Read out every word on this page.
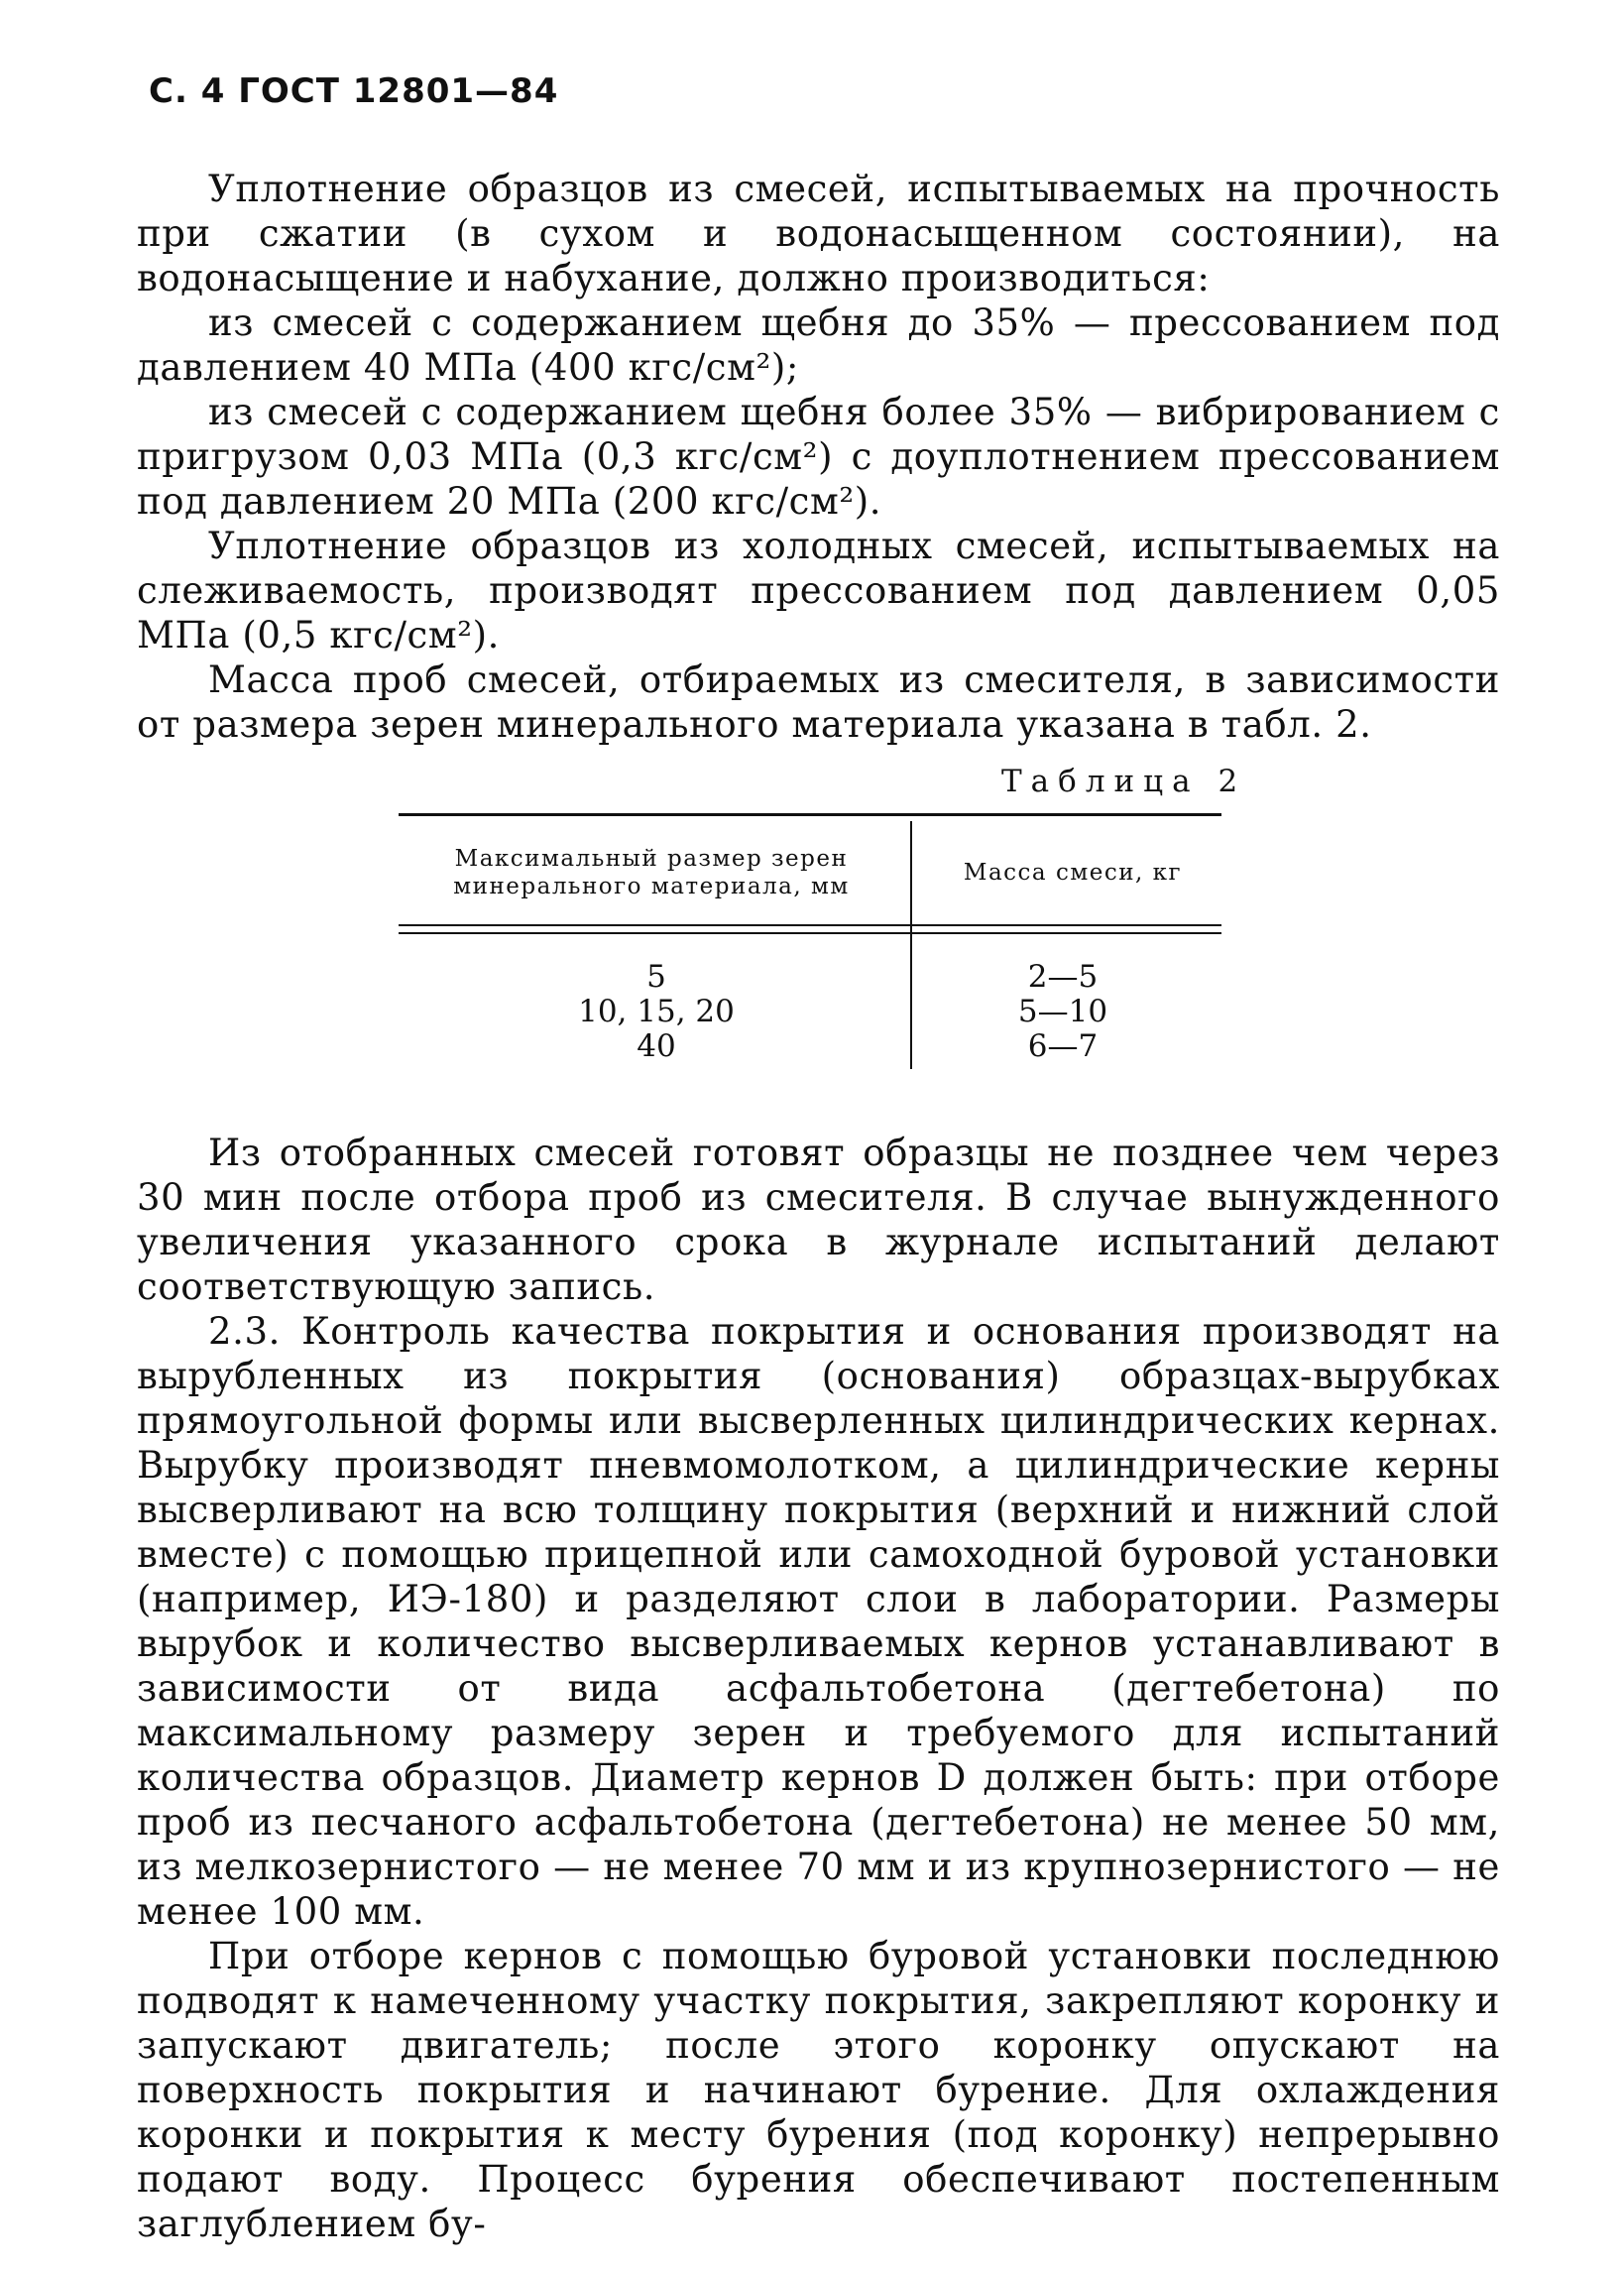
С. 4 ГОСТ 12801—84

Уплотнение образцов из смесей, испытываемых на прочность при сжатии (в сухом и водонасыщенном состоянии), на водонасыщение и набухание, должно производиться:

из смесей с содержанием щебня до 35% — прессованием под давлением 40 МПа (400 кгс/см²);

из смесей с содержанием щебня более 35% — вибрированием с пригрузом 0,03 МПа (0,3 кгс/см²) с доуплотнением прессованием под давлением 20 МПа (200 кгс/см²).

Уплотнение образцов из холодных смесей, испытываемых на слеживаемость, производят прессованием под давлением 0,05 МПа (0,5 кгс/см²).

Масса проб смесей, отбираемых из смесителя, в зависимости от размера зерен минерального материала указана в табл. 2.

Таблица 2
Максимальный размер зерен минерального материала, мм
Масса смеси, кг
5
10, 15, 20
40
2—5
5—10
6—7

Из отобранных смесей готовят образцы не позднее чем через 30 мин после отбора проб из смесителя. В случае вынужденного увеличения указанного срока в журнале испытаний делают соответствующую запись.

2.3. Контроль качества покрытия и основания производят на вырубленных из покрытия (основания) образцах-вырубках прямоугольной формы или высверленных цилиндрических кернах. Вырубку производят пневмомолотком, а цилиндрические керны высверливают на всю толщину покрытия (верхний и нижний слой вместе) с помощью прицепной или самоходной буровой установки (например, ИЭ-180) и разделяют слои в лаборатории. Размеры вырубок и количество высверливаемых кернов устанавливают в зависимости от вида асфальтобетона (дегтебетона) по максимальному размеру зерен и требуемого для испытаний количества образцов. Диаметр кернов D должен быть: при отборе проб из песчаного асфальтобетона (дегтебетона) не менее 50 мм, из мелкозернистого — не менее 70 мм и из крупнозернистого — не менее 100 мм.

При отборе кернов с помощью буровой установки последнюю подводят к намеченному участку покрытия, закрепляют коронку и запускают двигатель; после этого коронку опускают на поверхность покрытия и начинают бурение. Для охлаждения коронки и покрытия к месту бурения (под коронку) непрерывно подают воду. Процесс бурения обеспечивают постепенным заглублением бу-
